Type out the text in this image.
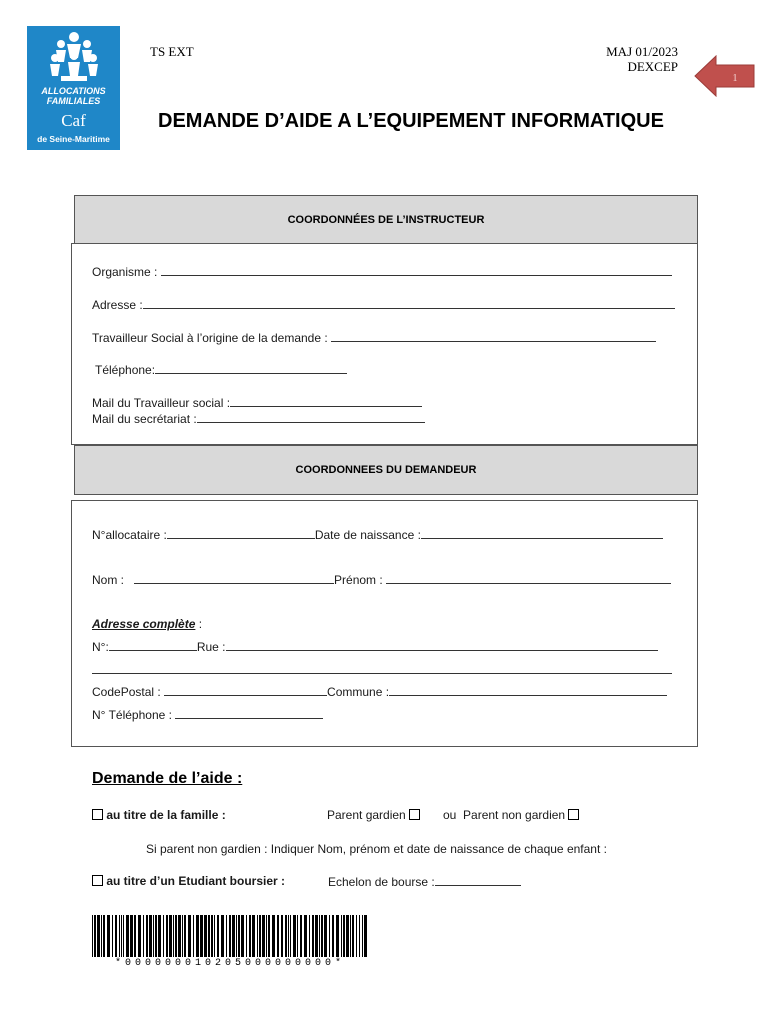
ALLOCATIONS
FAMILIALES
Caf
de Seine-Maritime
TS EXT	MAJ 01/2023
DEXCEP
1
DEMANDE D’AIDE A L’EQUIPEMENT INFORMATIQUE
COORDONNÉES DE L’INSTRUCTEUR
Organisme :
Adresse :
Travailleur Social à l’origine de la demande :
Téléphone:
Mail du Travailleur social :
Mail du secrétariat :
COORDONNEES DU DEMANDEUR
N°allocataire :	Date de naissance :
Nom :	Prénom :
Adresse complète :
N°:	Rue :
CodePostal :	Commune :
N° Téléphone :
Demande de l’aide :
au titre de la famille :	Parent gardien	ou  Parent non gardien
Si parent non gardien : Indiquer Nom, prénom et date de naissance de chaque enfant :
au titre d’un Etudiant boursier :	Echelon de bourse :
*000000010205000000000*
